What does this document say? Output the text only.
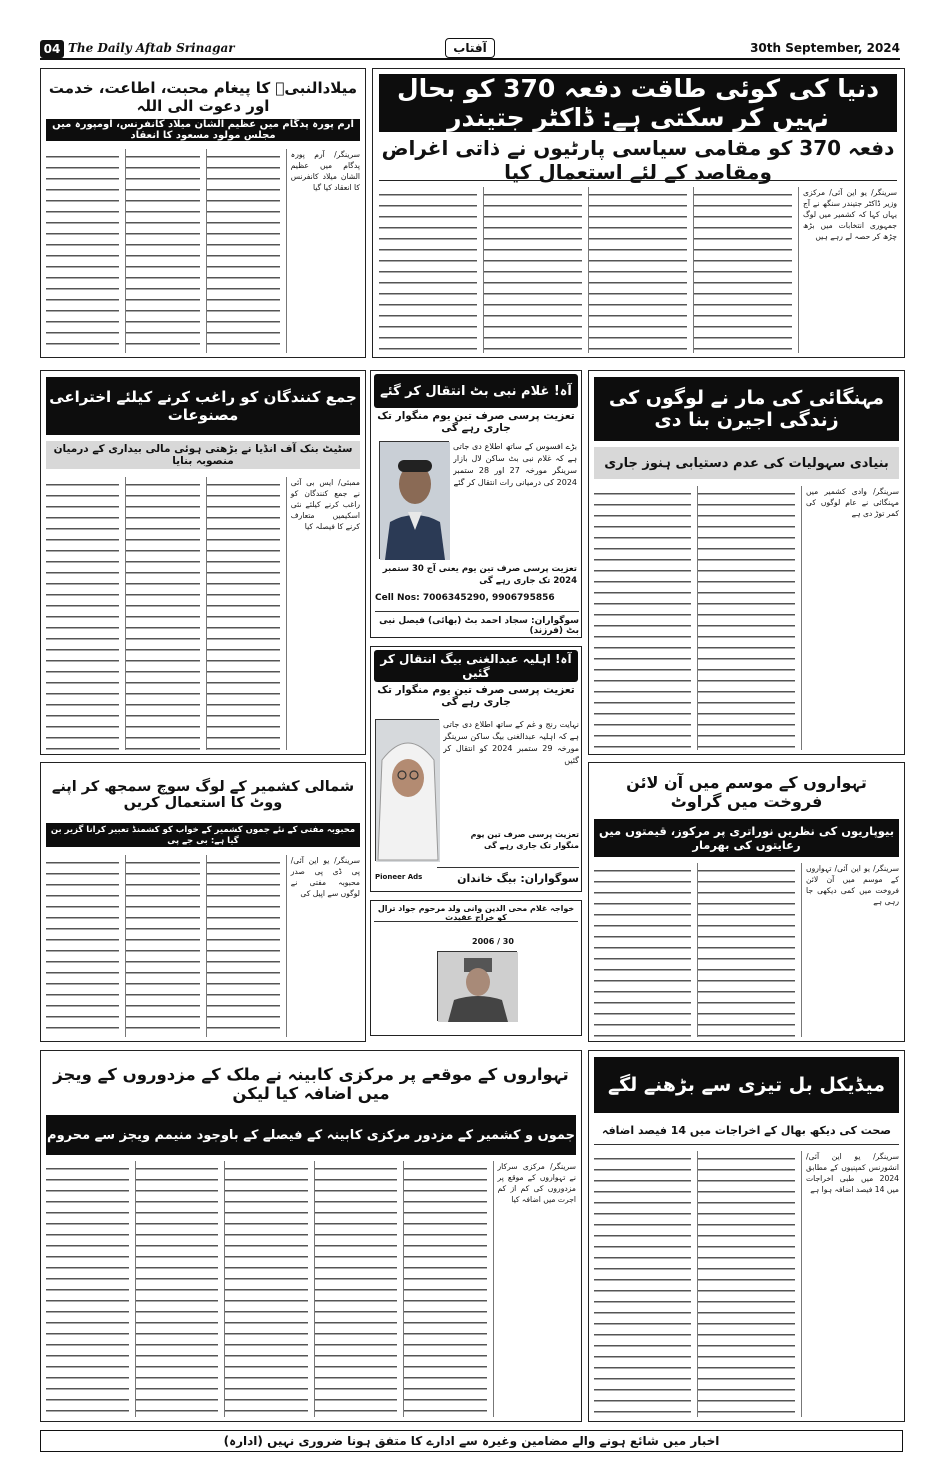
04 The Daily Aftab Srinagar	آفتاب	30th September, 2024
دنیا کی کوئی طاقت دفعہ 370 کو بحال نہیں کر سکتی ہے: ڈاکٹر جتیندر
دفعہ 370 کو مقامی سیاسی پارٹیوں نے ذاتی اغراض ومقاصد کے لئے استعمال کیا
سرینگر/ یو این آئی/ مرکزی وزیر ڈاکٹر جتیندر سنگھ نے آج یہاں کہا کہ کشمیر میں لوگ جمہوری انتخابات میں بڑھ چڑھ کر حصہ لے رہے ہیں
میلادالنبیؐ کا پیغام محبت، اطاعت، خدمت اور دعوت الی اللہ
آرم پورہ پدگام میں عظیم الشان میلاد کانفرنس، اومپورہ میں مجلس مولود مسعود کا انعقاد
سرینگر/ آرم پورہ پدگام میں عظیم الشان میلاد کانفرنس کا انعقاد کیا گیا
مہنگائی کی مار نے لوگوں کی زندگی اجیرن بنا دی
بنیادی سہولیات کی عدم دستیابی ہنوز جاری
سرینگر/ وادی کشمیر میں مہنگائی نے عام لوگوں کی کمر توڑ دی ہے
جمع کنندگان کو راغب کرنے کیلئے اختراعی مصنوعات
سٹیٹ بنک آف انڈیا نے بڑھتی ہوئی مالی بیداری کے درمیان منصوبہ بنایا
ممبئی/ ایس بی آئی نے جمع کنندگان کو راغب کرنے کیلئے نئی اسکیمیں متعارف کرنے کا فیصلہ کیا
آہ! غلام نبی بٹ انتقال کر گئے
تعزیت پرسی صرف تین یوم منگوار تک جاری رہے گی
بڑے افسوس کے ساتھ اطلاع دی جاتی ہے کہ غلام نبی بٹ ساکن لال بازار سرینگر مورخہ 27 اور 28 ستمبر 2024 کی درمیانی رات انتقال کر گئے
تعزیت پرسی صرف تین یوم یعنی آج 30 ستمبر 2024 تک جاری رہے گی
Cell Nos: 7006345290, 9906795856
سوگواران: سجاد احمد بٹ (بھائی) فیصل نبی بٹ (فرزند)
آہ! اہلیہ عبدالغنی بیگ انتقال کر گئیں
تعزیت پرسی صرف تین یوم منگوار تک جاری رہے گی
نہایت رنج و غم کے ساتھ اطلاع دی جاتی ہے کہ اہلیہ عبدالغنی بیگ ساکن سرینگر مورخہ 29 ستمبر 2024 کو انتقال کر گئیں
تعزیت پرسی صرف تین یوم منگوار تک جاری رہے گی
Pioneer Ads	سوگواران: بیگ خاندان
خواجہ غلام محی الدین وانی ولد مرحوم جواد ترال کو خراج عقیدت
2006 / 30
تہواروں کے موسم میں آن لائن فروخت میں گراوٹ
بیوپاریوں کی نظریں نوراتری پر مرکوز، قیمتوں میں رعایتوں کی بھرمار
سرینگر/ یو این آئی/ تہواروں کے موسم میں آن لائن فروخت میں کمی دیکھی جا رہی ہے
شمالی کشمیر کے لوگ سوچ سمجھ کر اپنے ووٹ کا استعمال کریں
محبوبہ مفتی کے نئے جموں کشمیر کے خواب کو کشمنڈ تعبیر کرانا گزیر بن گیا ہے: بی جے پی
سرینگر/ یو این آئی/ پی ڈی پی صدر محبوبہ مفتی نے لوگوں سے اپیل کی
میڈیکل بل تیزی سے بڑھنے لگے
صحت کی دیکھ بھال کے اخراجات میں 14 فیصد اضافہ
سرینگر/ یو این آئی/ انشورنس کمپنیوں کے مطابق 2024 میں طبی اخراجات میں 14 فیصد اضافہ ہوا ہے
تہواروں کے موقعے پر مرکزی کابینہ نے ملک کے مزدوروں کے ویجز میں اضافہ کیا لیکن
جموں و کشمیر کے مزدور مرکزی کابینہ کے فیصلے کے باوجود منیمم ویجز سے محروم
سرینگر/ مرکزی سرکار نے تہواروں کے موقع پر مزدوروں کی کم از کم اجرت میں اضافہ کیا
اخبار میں شائع ہونے والے مضامین وغیرہ سے ادارے کا متفق ہونا ضروری نہیں (ادارہ)
